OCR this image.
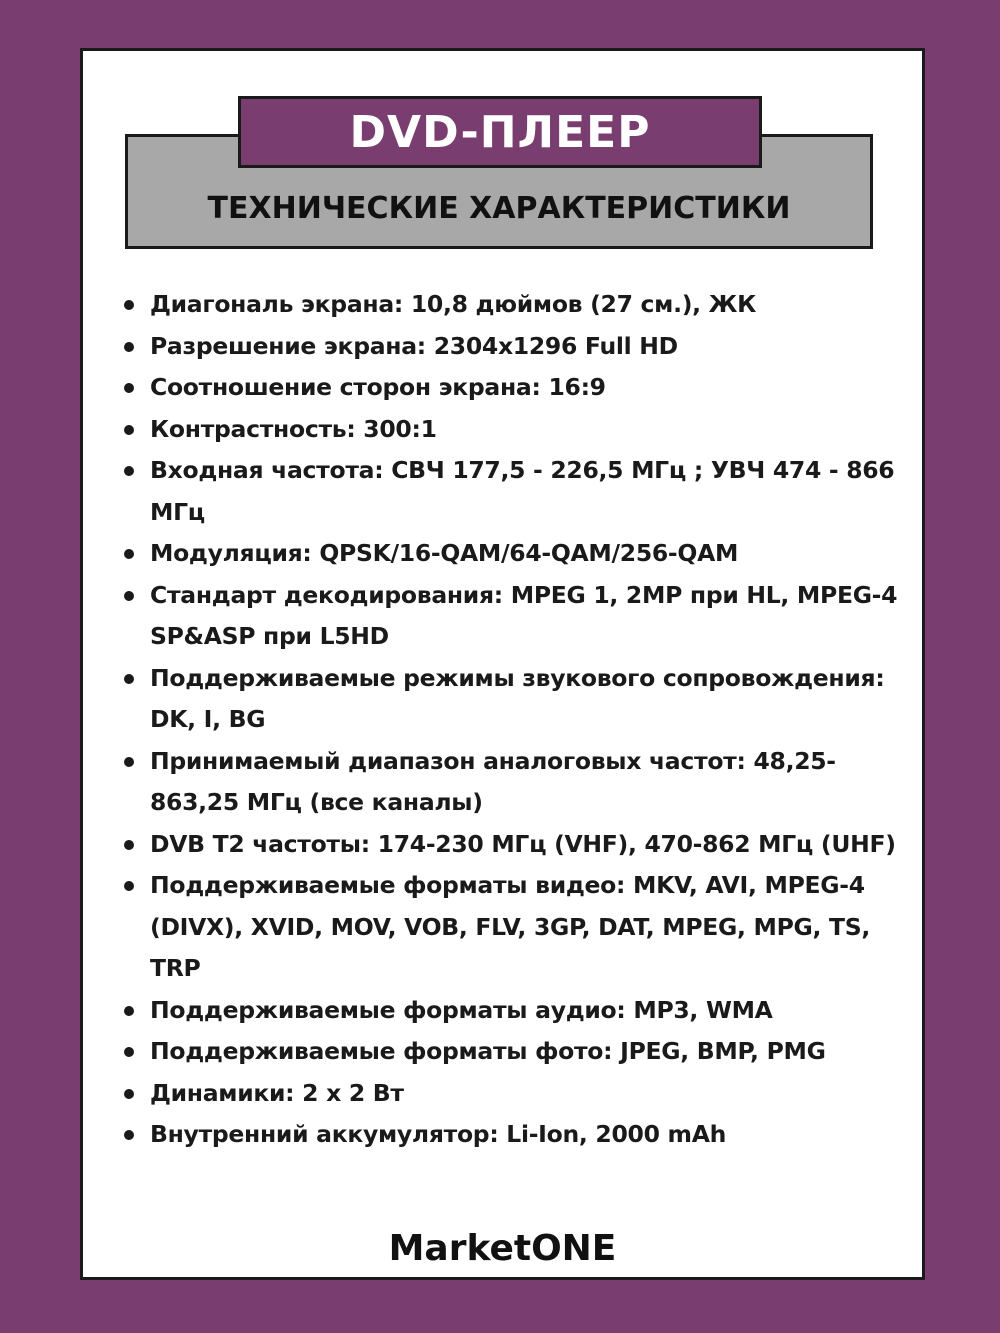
ТЕХНИЧЕСКИЕ ХАРАКТЕРИСТИКИ
DVD-ПЛЕЕР
Диагональ экрана: 10,8 дюймов (27 см.), ЖК
Разрешение экрана: 2304x1296 Full HD
Соотношение сторон экрана: 16:9
Контрастность: 300:1
Входная частота: СВЧ 177,5 - 226,5 МГц ; УВЧ 474 - 866 МГц
Модуляция: QPSK/16-QAM/64-QAM/256-QAM
Стандарт декодирования: MPEG 1, 2MP при HL, MPEG-4 SP&ASP при L5HD
Поддерживаемые режимы звукового сопровождения: DK, I, BG
Принимаемый диапазон аналоговых частот: 48,25-863,25 МГц (все каналы)
DVB T2 частоты: 174-230 МГц (VHF), 470-862 МГц (UHF)
Поддерживаемые форматы видео: MKV, AVI, MPEG-4 (DIVX), XVID, MOV, VOB, FLV, 3GP, DAT, MPEG, MPG, TS, TRP
Поддерживаемые форматы аудио: MP3, WMA
Поддерживаемые форматы фото: JPEG, BMP, PMG
Динамики: 2 x 2 Вт
Внутренний аккумулятор: Li-Ion, 2000 mAh
MarketONE
